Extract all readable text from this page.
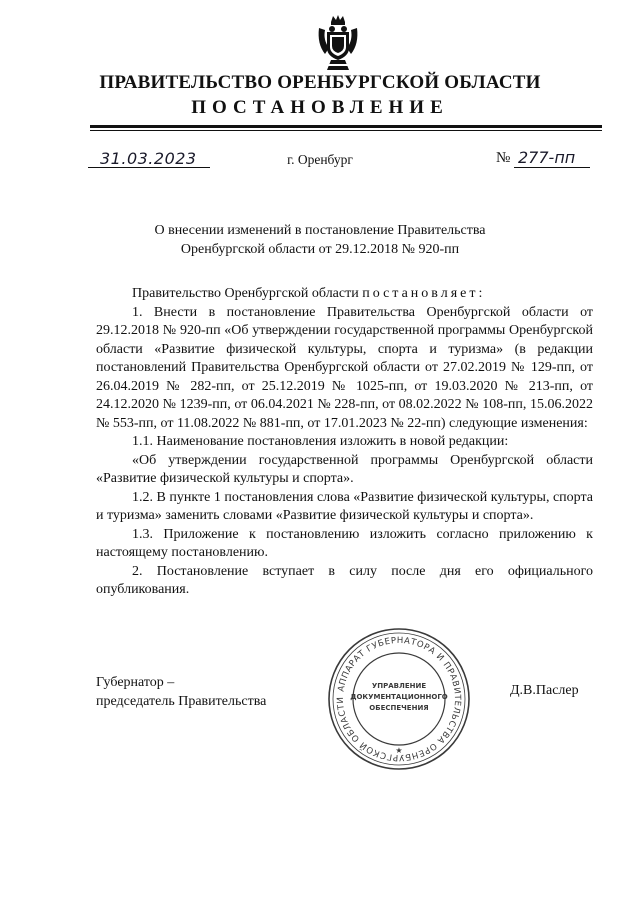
ПРАВИТЕЛЬСТВО ОРЕНБУРГСКОЙ ОБЛАСТИ
ПОСТАНОВЛЕНИЕ
31.03.2023	г. Оренбург	№ 277-пп
О внесении изменений в постановление Правительства
Оренбургской области от 29.12.2018 № 920-пп

Правительство Оренбургской области постановляет:

1. Внести в постановление Правительства Оренбургской области от 29.12.2018 № 920-пп «Об утверждении государственной программы Оренбургской области «Развитие физической культуры, спорта и туризма» (в редакции постановлений Правительства Оренбургской области от 27.02.2019 № 129-пп, от 26.04.2019 № 282-пп, от 25.12.2019 № 1025-пп, от 19.03.2020 № 213-пп, от 24.12.2020 № 1239-пп, от 06.04.2021 № 228-пп, от 08.02.2022 № 108-пп, 15.06.2022 № 553-пп, от 11.08.2022 № 881-пп, от 17.01.2023 № 22-пп) следующие изменения:

1.1. Наименование постановления изложить в новой редакции:

«Об утверждении государственной программы Оренбургской области «Развитие физической культуры и спорта».

1.2. В пункте 1 постановления слова «Развитие физической культуры, спорта и туризма» заменить словами «Развитие физической культуры и спорта».

1.3. Приложение к постановлению изложить согласно приложению к настоящему постановлению.

2. Постановление вступает в силу после дня его официального опубликования.

Губернатор –
председатель Правительства
Д.В.Паслер
АППАРАТ ГУБЕРНАТОРА И ПРАВИТЕЛЬСТВА ОРЕНБУРГСКОЙ ОБЛАСТИ
УПРАВЛЕНИЕ
ДОКУМЕНТАЦИОННОГО
ОБЕСПЕЧЕНИЯ
★
